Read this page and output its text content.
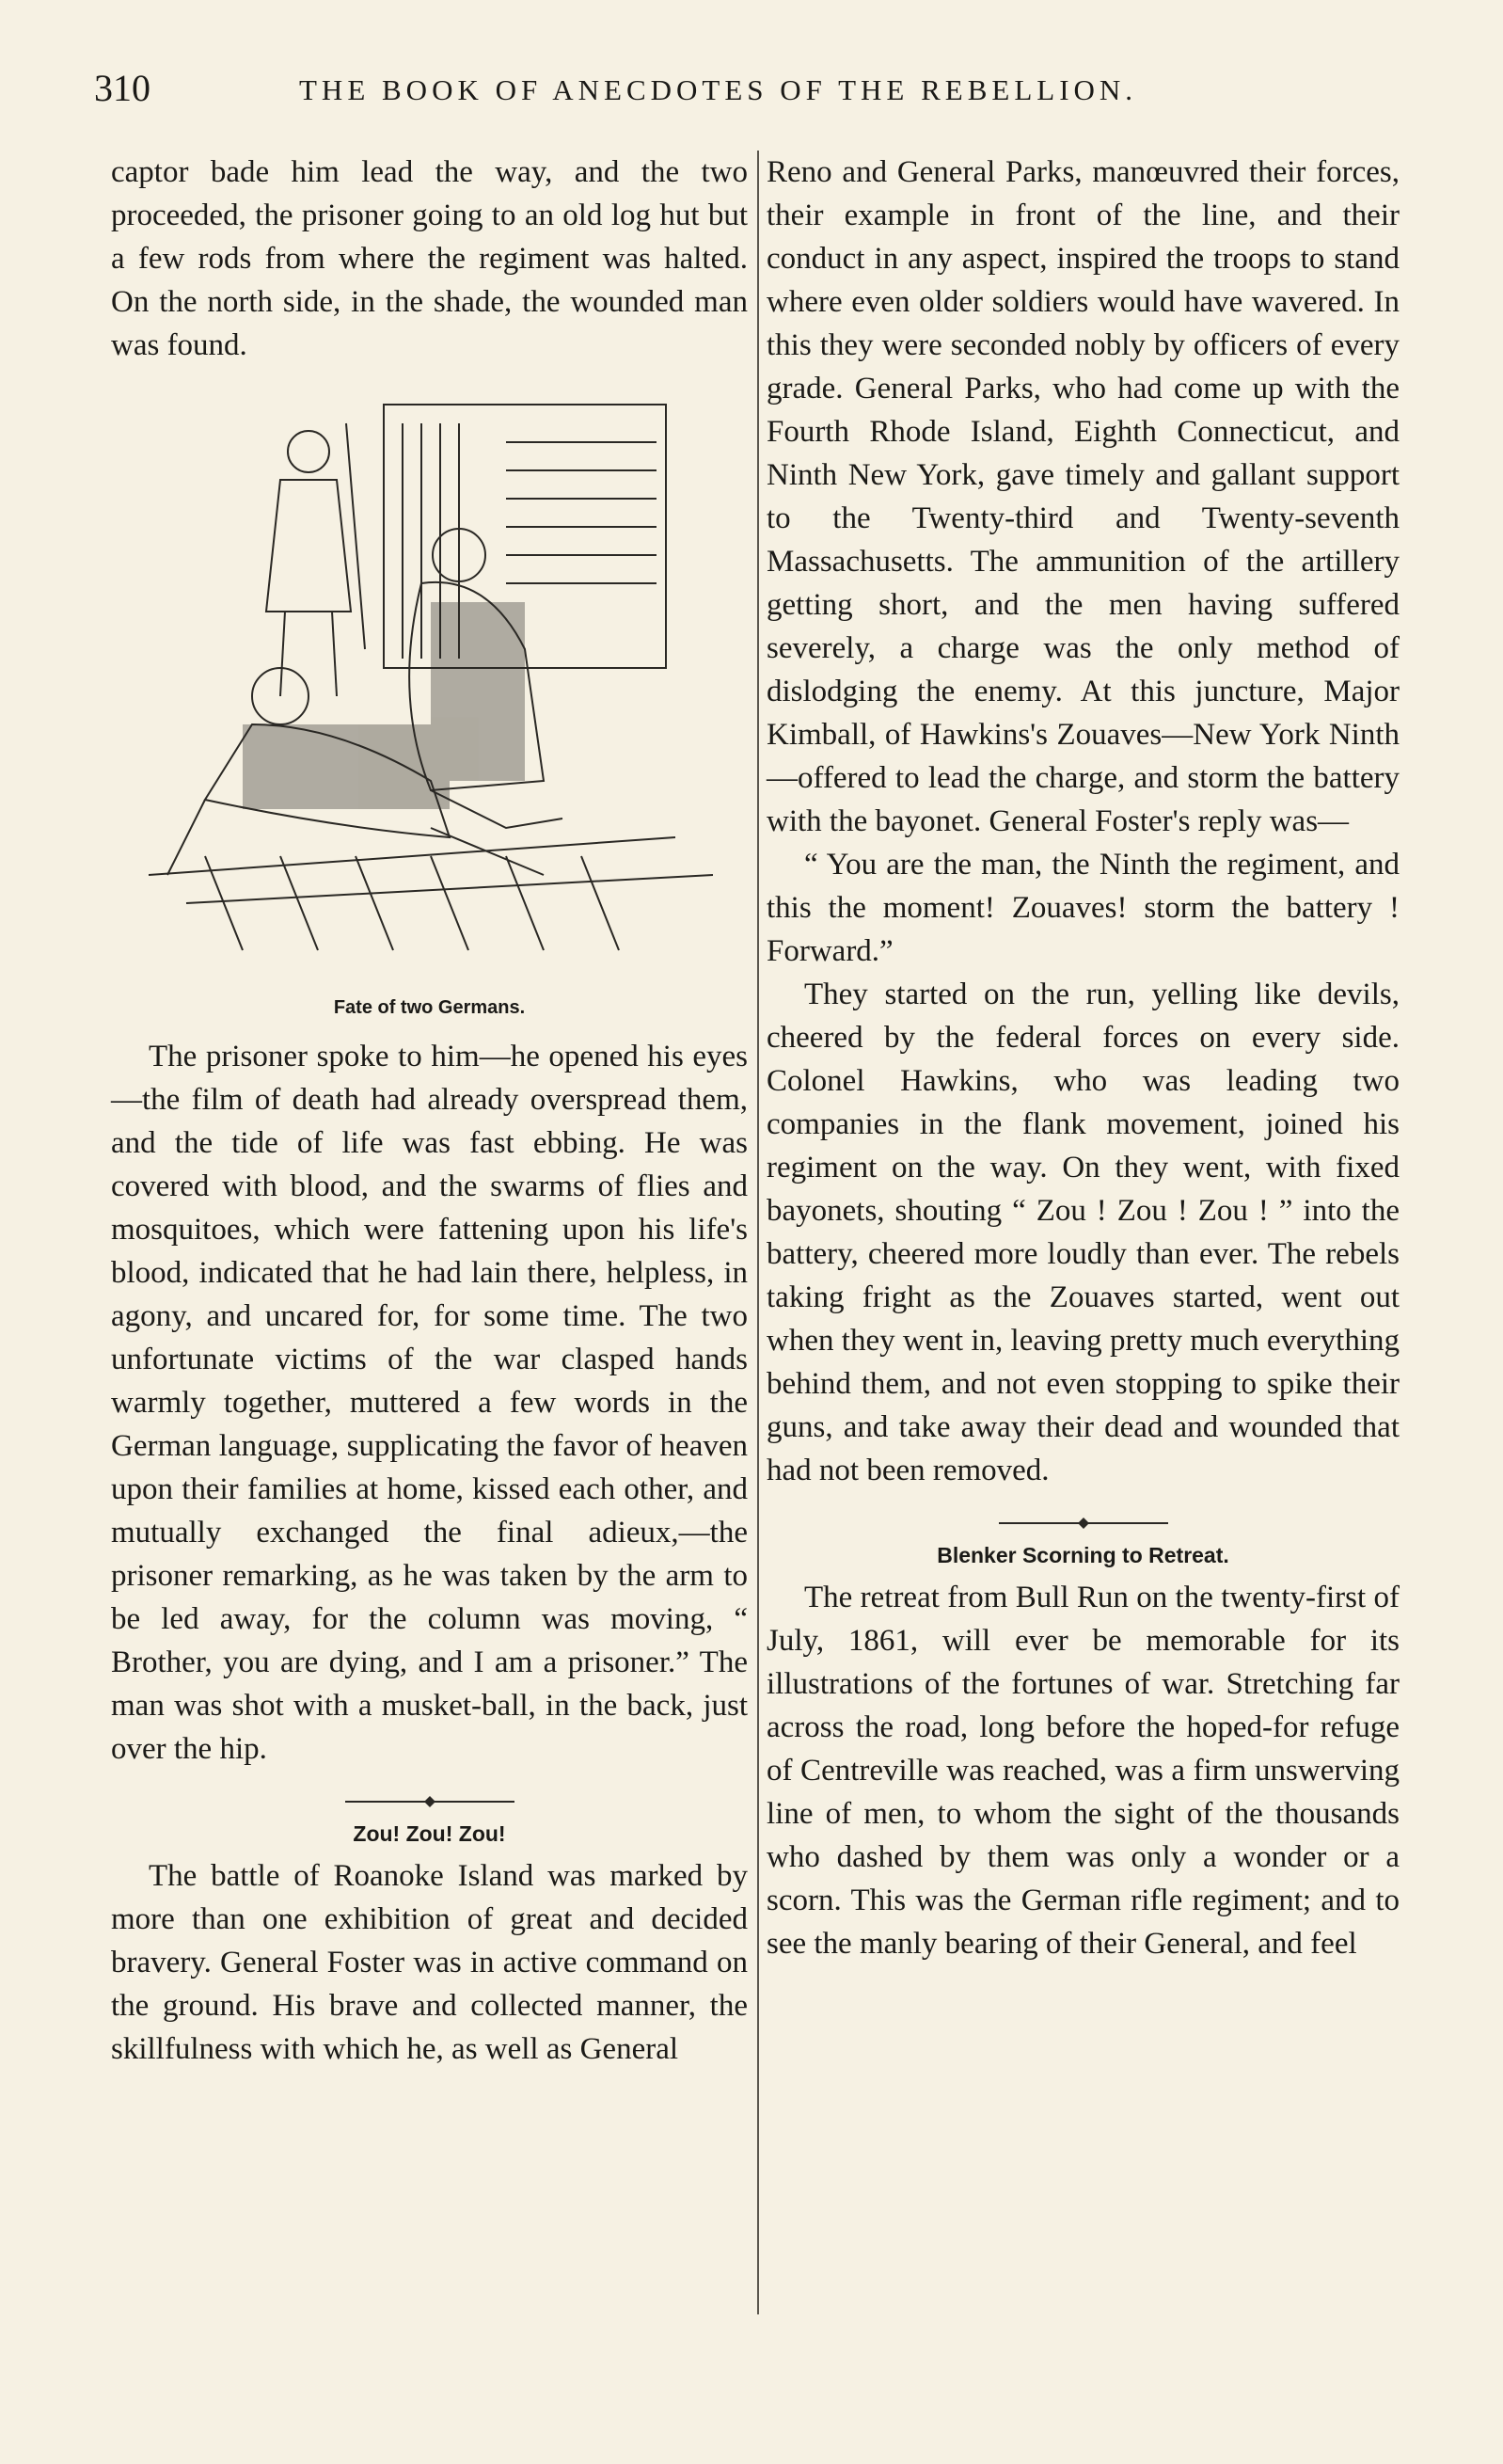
310	THE BOOK OF ANECDOTES OF THE REBELLION.

captor bade him lead the way, and the two proceeded, the prisoner going to an old log hut but a few rods from where the regiment was halted. On the north side, in the shade, the wounded man was found.

Fate of two Germans.

The prisoner spoke to him—he opened his eyes—the film of death had already overspread them, and the tide of life was fast ebbing. He was covered with blood, and the swarms of flies and mosquitoes, which were fattening upon his life's blood, indicated that he had lain there, helpless, in agony, and uncared for, for some time. The two unfortunate victims of the war clasped hands warmly together, muttered a few words in the German language, supplicating the favor of heaven upon their families at home, kissed each other, and mutually exchanged the final adieux,—the prisoner remarking, as he was taken by the arm to be led away, for the column was moving, “ Brother, you are dying, and I am a prisoner.” The man was shot with a musket-ball, in the back, just over the hip.

Zou! Zou! Zou!

The battle of Roanoke Island was marked by more than one exhibition of great and decided bravery. General Foster was in active command on the ground. His brave and collected manner, the skillfulness with which he, as well as General

Reno and General Parks, manœuvred their forces, their example in front of the line, and their conduct in any aspect, inspired the troops to stand where even older soldiers would have wavered. In this they were seconded nobly by officers of every grade. General Parks, who had come up with the Fourth Rhode Island, Eighth Connecticut, and Ninth New York, gave timely and gallant support to the Twenty-third and Twenty-seventh Massachusetts. The ammunition of the artillery getting short, and the men having suffered severely, a charge was the only method of dislodging the enemy. At this juncture, Major Kimball, of Hawkins's Zouaves—New York Ninth—offered to lead the charge, and storm the battery with the bayonet. General Foster's reply was—

“ You are the man, the Ninth the regiment, and this the moment! Zouaves! storm the battery ! Forward.”

They started on the run, yelling like devils, cheered by the federal forces on every side. Colonel Hawkins, who was leading two companies in the flank movement, joined his regiment on the way. On they went, with fixed bayonets, shouting “ Zou ! Zou ! Zou ! ” into the battery, cheered more loudly than ever. The rebels taking fright as the Zouaves started, went out when they went in, leaving pretty much everything behind them, and not even stopping to spike their guns, and take away their dead and wounded that had not been removed.

Blenker Scorning to Retreat.

The retreat from Bull Run on the twenty-first of July, 1861, will ever be memorable for its illustrations of the fortunes of war. Stretching far across the road, long before the hoped-for refuge of Centreville was reached, was a firm unswerving line of men, to whom the sight of the thousands who dashed by them was only a wonder or a scorn. This was the German rifle regiment; and to see the manly bearing of their General, and feel
